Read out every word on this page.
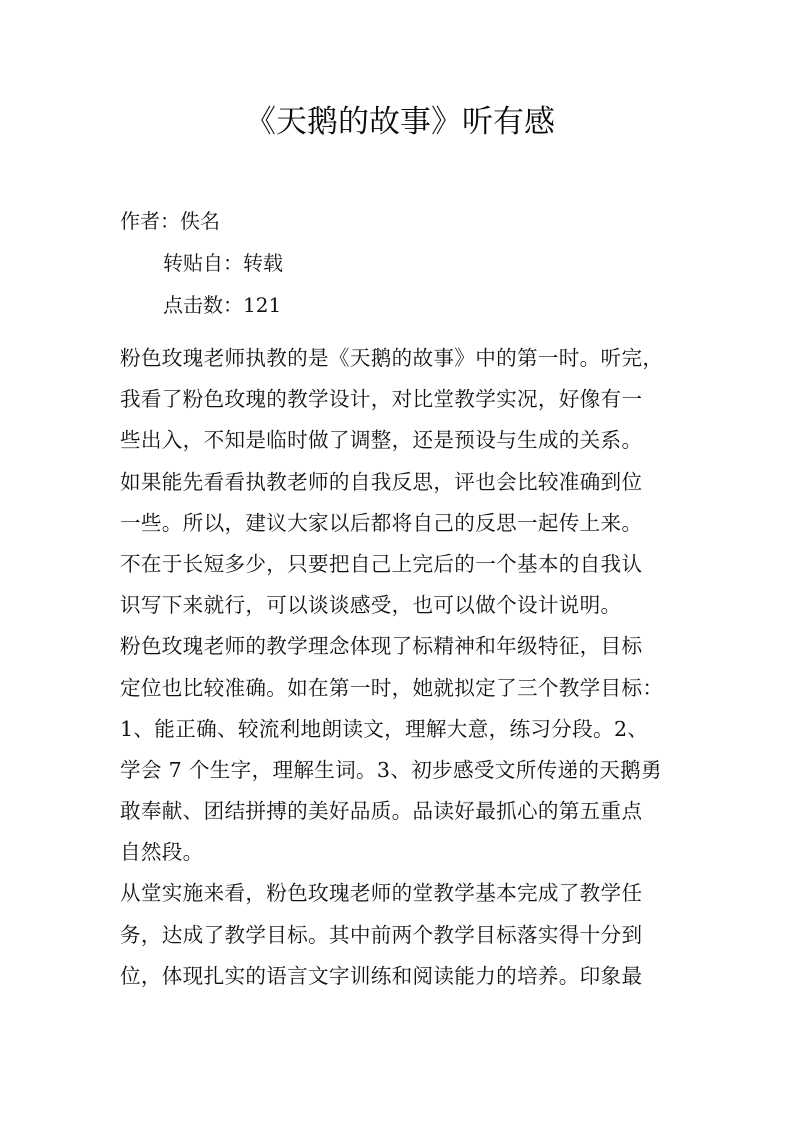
《天鹅的故事》听有感
作者：佚名
转贴自：转载
点击数：121
粉色玫瑰老师执教的是《天鹅的故事》中的第一时。听完，
我看了粉色玫瑰的教学设计，对比堂教学实况，好像有一
些出入，不知是临时做了调整，还是预设与生成的关系。
如果能先看看执教老师的自我反思，评也会比较准确到位
一些。所以，建议大家以后都将自己的反思一起传上来。
不在于长短多少，只要把自己上完后的一个基本的自我认
识写下来就行，可以谈谈感受，也可以做个设计说明。
粉色玫瑰老师的教学理念体现了标精神和年级特征，目标
定位也比较准确。如在第一时，她就拟定了三个教学目标：
1、能正确、较流利地朗读文，理解大意，练习分段。2、
学会 7 个生字，理解生词。3、初步感受文所传递的天鹅勇
敢奉献、团结拼搏的美好品质。品读好最抓心的第五重点
自然段。
从堂实施来看，粉色玫瑰老师的堂教学基本完成了教学任
务，达成了教学目标。其中前两个教学目标落实得十分到
位，体现扎实的语言文字训练和阅读能力的培养。印象最
